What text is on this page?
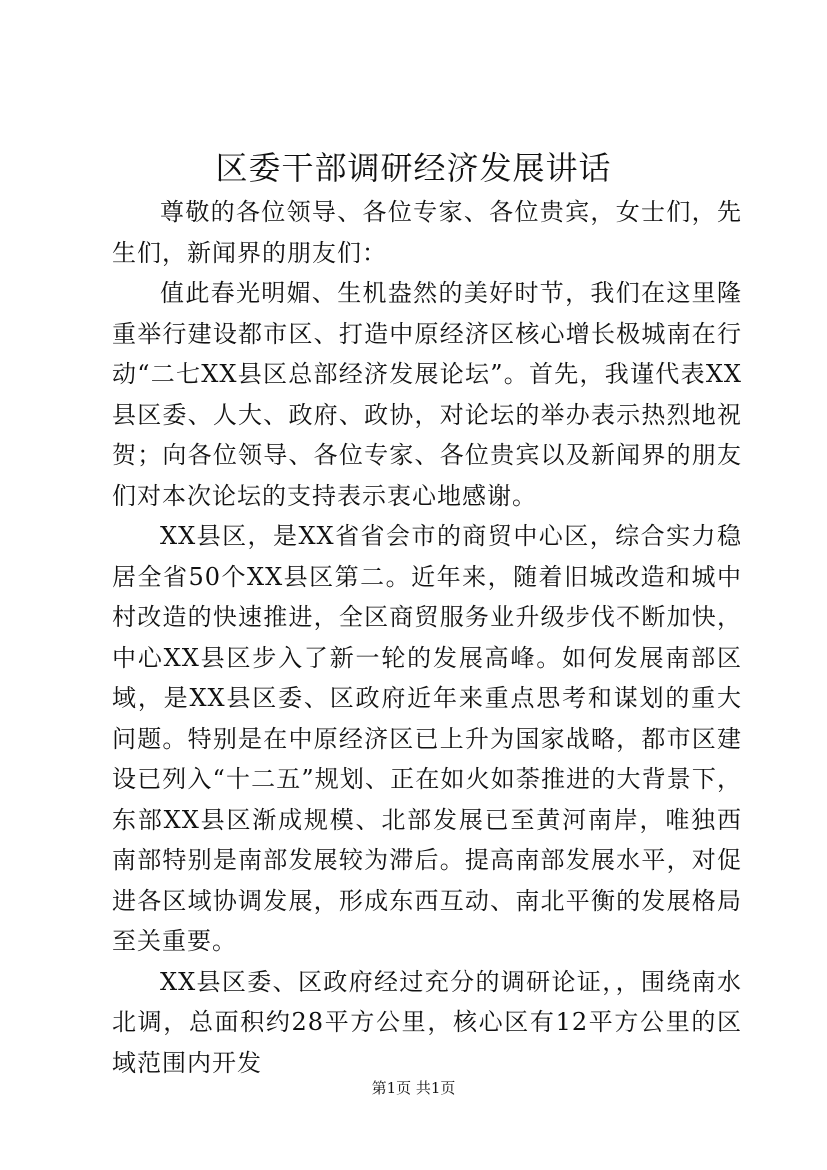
区委干部调研经济发展讲话

尊敬的各位领导、各位专家、各位贵宾，女士们，先生们，新闻界的朋友们：

值此春光明媚、生机盎然的美好时节，我们在这里隆重举行建设都市区、打造中原经济区核心增长极城南在行动“二七XX县区总部经济发展论坛”。首先，我谨代表XX县区委、人大、政府、政协，对论坛的举办表示热烈地祝贺；向各位领导、各位专家、各位贵宾以及新闻界的朋友们对本次论坛的支持表示衷心地感谢。

XX县区，是XX省省会市的商贸中心区，综合实力稳居全省50个XX县区第二。近年来，随着旧城改造和城中村改造的快速推进，全区商贸服务业升级步伐不断加快，中心XX县区步入了新一轮的发展高峰。如何发展南部区域，是XX县区委、区政府近年来重点思考和谋划的重大问题。特别是在中原经济区已上升为国家战略，都市区建设已列入“十二五”规划、正在如火如荼推进的大背景下，东部XX县区渐成规模、北部发展已至黄河南岸，唯独西南部特别是南部发展较为滞后。提高南部发展水平，对促进各区域协调发展，形成东西互动、南北平衡的发展格局至关重要。

XX县区委、区政府经过充分的调研论证，，围绕南水北调，总面积约28平方公里，核心区有12平方公里的区域范围内开发

第1页 共1页
